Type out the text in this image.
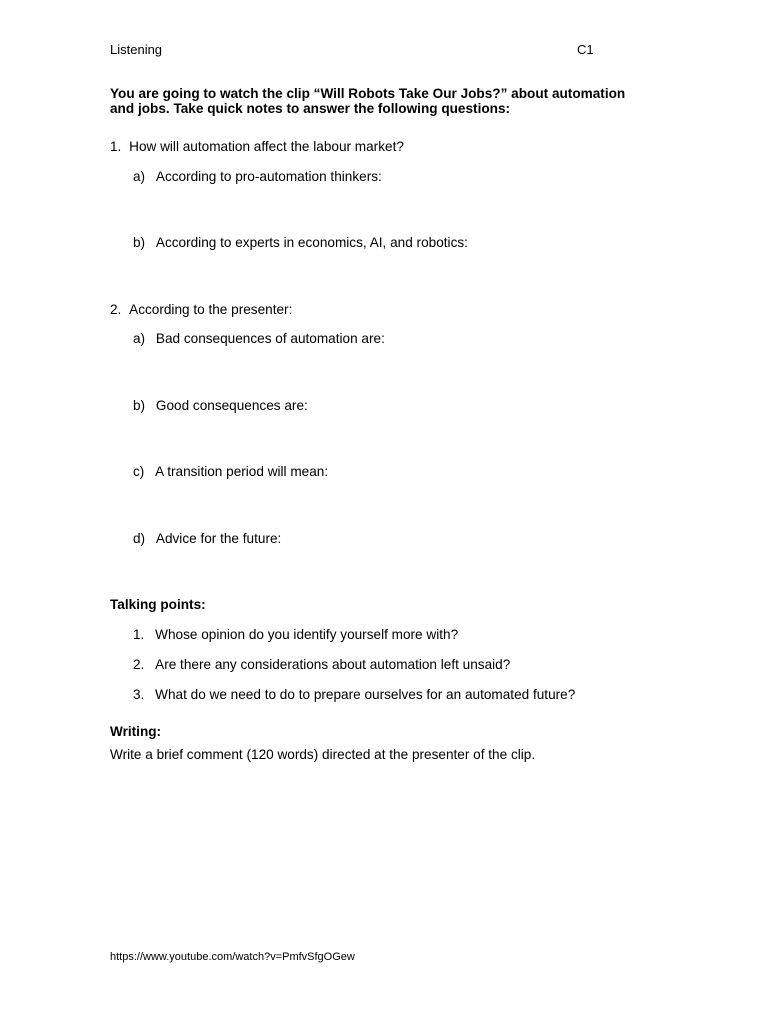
Listening	C1
You are going to watch the clip “Will Robots Take Our Jobs?” about automation
and jobs. Take quick notes to answer the following questions:
1. How will automation affect the labour market?
a) According to pro-automation thinkers:
b) According to experts in economics, AI, and robotics:
2. According to the presenter:
a) Bad consequences of automation are:
b) Good consequences are:
c) A transition period will mean:
d) Advice for the future:
Talking points:
1. Whose opinion do you identify yourself more with?
2. Are there any considerations about automation left unsaid?
3. What do we need to do to prepare ourselves for an automated future?
Writing:
Write a brief comment (120 words) directed at the presenter of the clip.
https://www.youtube.com/watch?v=PmfvSfgOGew
